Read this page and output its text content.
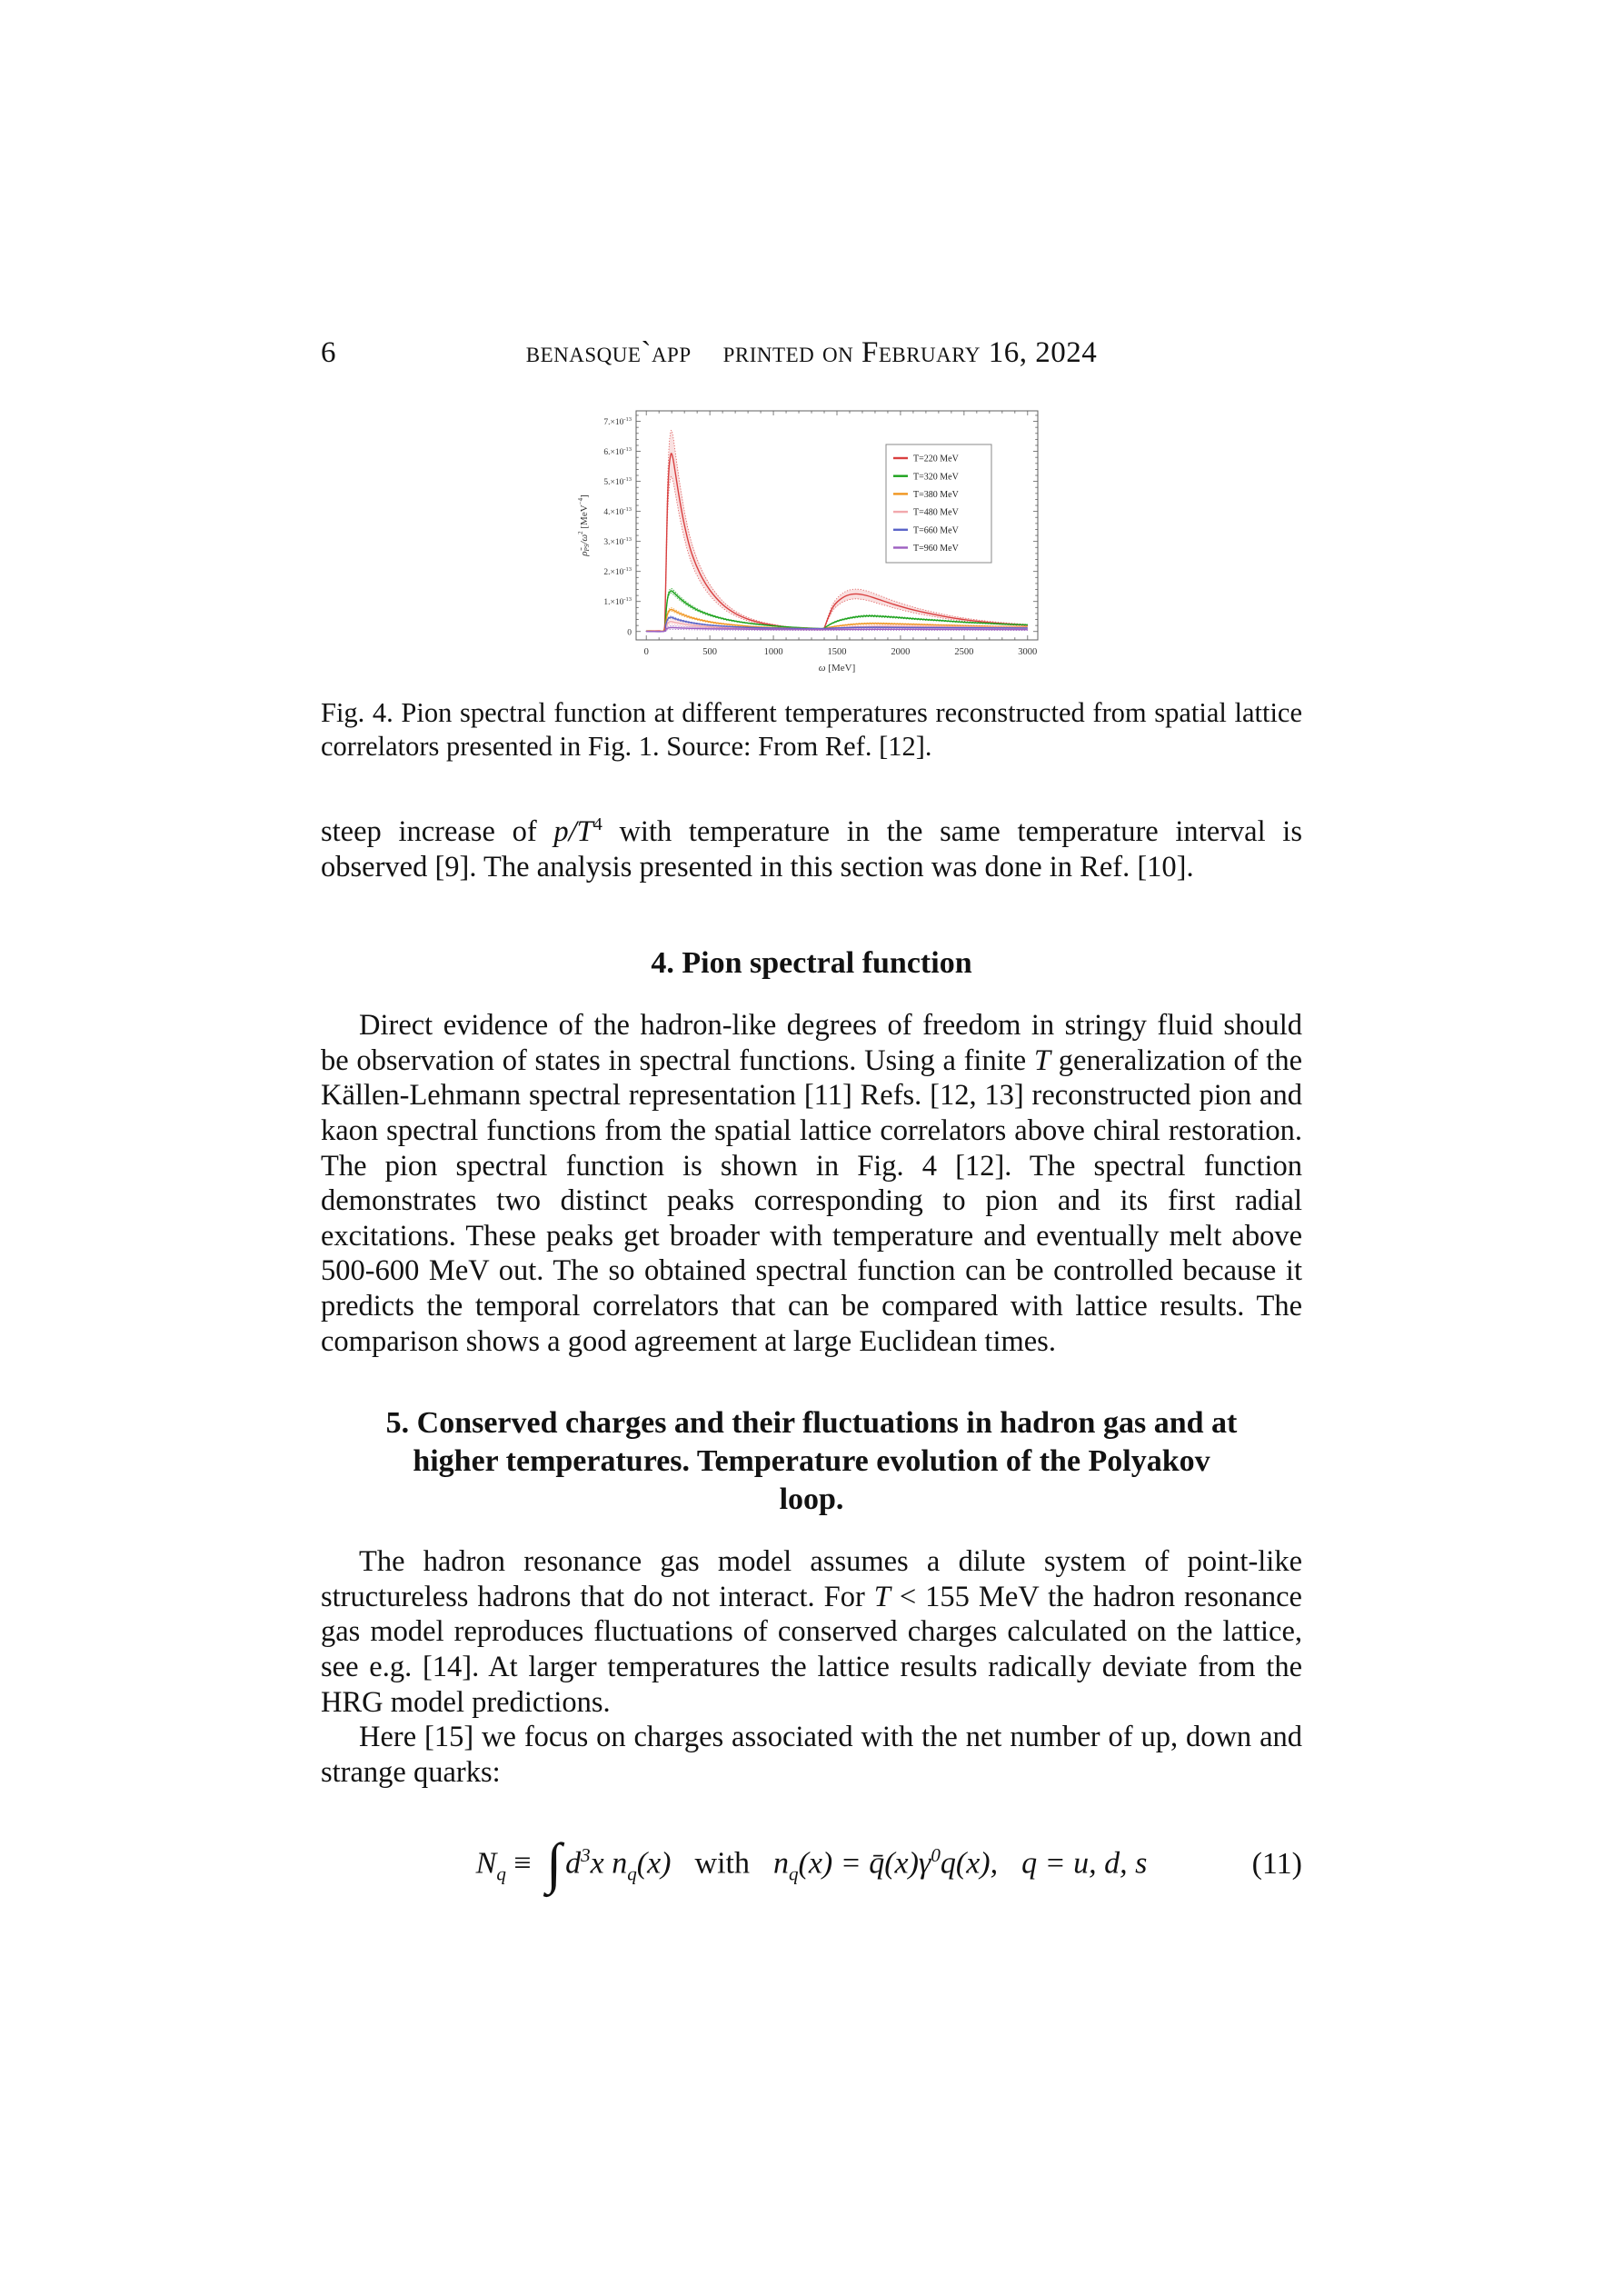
6	benasque`app    printed on February 16, 2024
0	500	1000	1500	2000	2500	3000
0
$1.\times 10^{-13}$
$2.\times 10^{-13}$
$3.\times 10^{-13}$
$4.\times 10^{-13}$
$5.\times 10^{-13}$
$6.\times 10^{-13}$
$7.\times 10^{-13}$
ω [MeV]
$\rhõPS/\omega^2$ [MeV$^{-4}$]
T=220 MeV
T=320 MeV
T=380 MeV
T=480 MeV
T=660 MeV
T=960 MeV
Fig. 4. Pion spectral function at different temperatures reconstructed from spatial lattice correlators presented in Fig. 1. Source: From Ref. [12].

steep increase of $p/T^4$ with temperature in the same temperature interval is observed [9]. The analysis presented in this section was done in Ref. [10].

4. Pion spectral function

Direct evidence of the hadron-like degrees of freedom in stringy fluid should be observation of states in spectral functions. Using a finite T generalization of the Källen-Lehmann spectral representation [11] Refs. [12, 13] reconstructed pion and kaon spectral functions from the spatial lattice correlators above chiral restoration. The pion spectral function is shown in Fig. 4 [12]. The spectral function demonstrates two distinct peaks corresponding to pion and its first radial excitations. These peaks get broader with temperature and eventually melt above 500-600 MeV out. The so obtained spectral function can be controlled because it predicts the temporal correlators that can be compared with lattice results. The comparison shows a good agreement at large Euclidean times.

5. Conserved charges and their fluctuations in hadron gas and at
higher temperatures. Temperature evolution of the Polyakov
loop.

The hadron resonance gas model assumes a dilute system of point-like structureless hadrons that do not interact. For T < 155 MeV the hadron resonance gas model reproduces fluctuations of conserved charges calculated on the lattice, see e.g. [14]. At larger temperatures the lattice results radically deviate from the HRG model predictions.

Here [15] we focus on charges associated with the net number of up, down and strange quarks:

$N_q$ ≡ ∫ $d^3x$ $n_q(x)$ with $n_q(x)$ = $q̄(x)\gamma^0q(x)$, q = u, d, s	(11)
